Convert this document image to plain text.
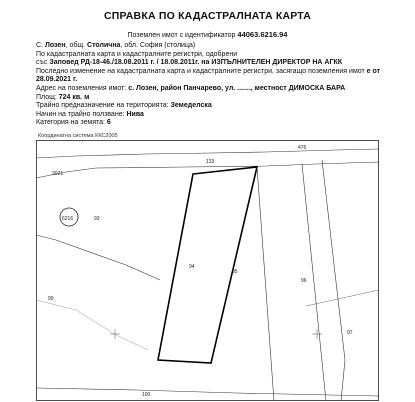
СПРАВКА ПО КАДАСТРАЛНАТА КАРТА
Поземлен имот с идентификатор 44063.6216.94
С. Лозен, общ. Столична, обл. София (столица)
По кадастралната карта и кадастралните регистри, одобрени
със Заповед РД-18-46./18.08.2011 г. / 18.08.2011г. на ИЗПЪЛНИТЕЛЕН ДИРЕКТОР НА АГКК
Последно изменение на кадастралната карта и кадастралните регистри, засягащо поземления имот е от
28.09.2021 г.
Адрес на поземления имот: с. Лозен, район Панчарево, ул. ......., местност ДИМОСКА БАРА
Площ: 724 кв. м
Трайно предназначение на територията: Земеделска
Начин на трайно ползване: Нива
Категория на земята: 6
Координатна система ККС2005
133
476
3021
6216	93
94
95
96
97
99
100
